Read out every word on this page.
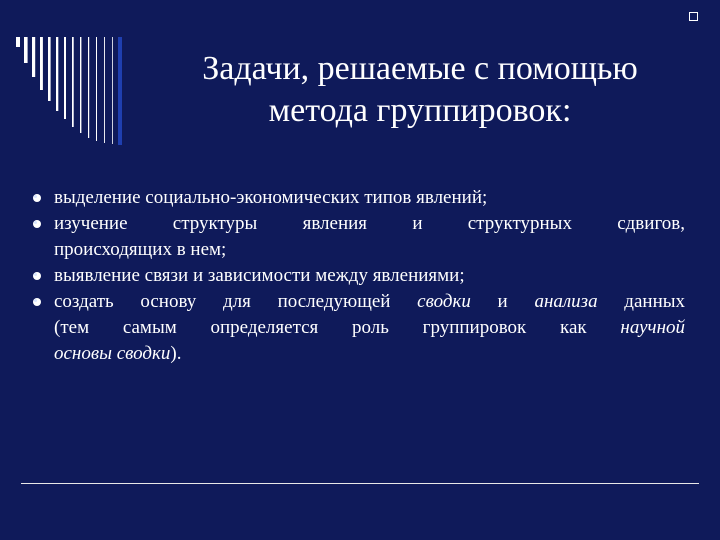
Задачи, решаемые с помощью
метода группировок:
выделение социально-экономических типов явлений;
изучение структуры явления и структурных сдвигов,
происходящих в нем;
выявление связи и зависимости между явлениями;
создать основу для последующей сводки и анализа данных
(тем самым определяется роль группировок как научной
основы сводки).
